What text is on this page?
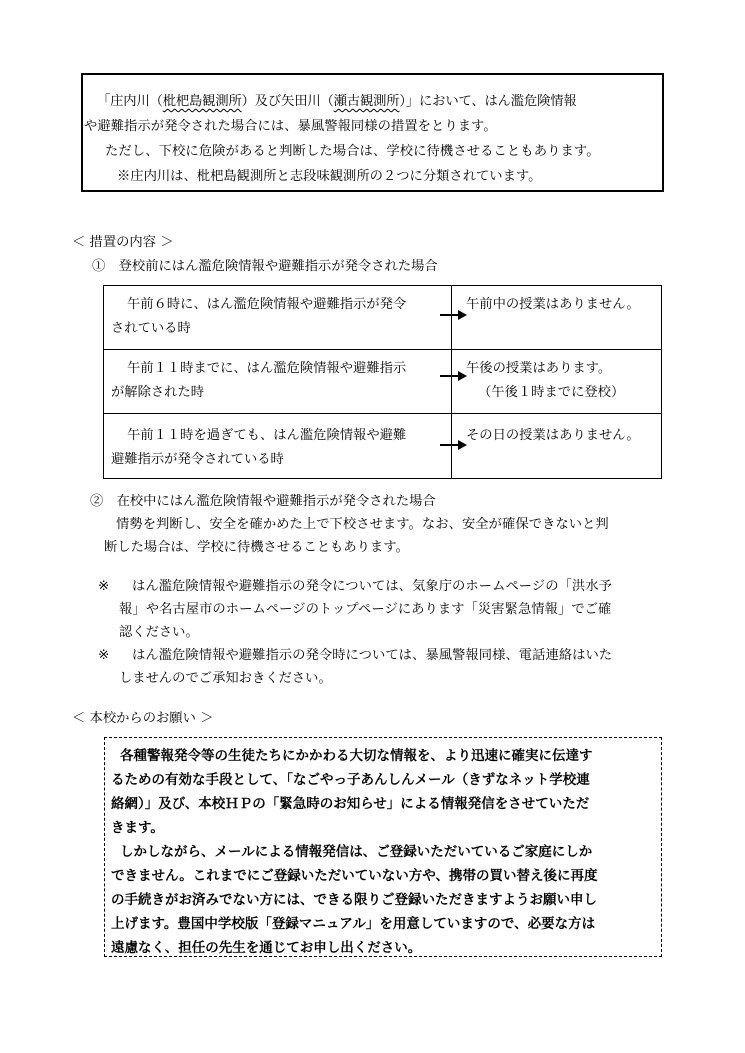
「庄内川（枇杷島観測所）及び矢田川（瀬古観測所）」において、はん濫危険情報
や避難指示が発令された場合には、暴風警報同様の措置をとります。
ただし、下校に危険があると判断した場合は、学校に待機させることもあります。
※庄内川は、枇杷島観測所と志段味観測所の２つに分類されています。
＜ 措置の内容 ＞
①　登校前にはん濫危険情報や避難指示が発令された場合
午前６時に、はん濫危険情報や避難指示が発令
されている時
午前中の授業はありません。
午前１１時までに、はん濫危険情報や避難指示
が解除された時
午後の授業はあります。
（午後１時までに登校）
午前１１時を過ぎても、はん濫危険情報や避難
避難指示が発令されている時
その日の授業はありません。
②　在校中にはん濫危険情報や避難指示が発令された場合
情勢を判断し、安全を確かめた上で下校させます。なお、安全が確保できないと判
断した場合は、学校に待機させることもあります。
※ はん濫危険情報や避難指示の発令については、気象庁のホームページの「洪水予
報」や名古屋市のホームページのトップページにあります「災害緊急情報」でご確
認ください。
※ はん濫危険情報や避難指示の発令時については、暴風警報同様、電話連絡はいた
しませんのでご承知おきください。
＜ 本校からのお願い ＞
各種警報発令等の生徒たちにかかわる大切な情報を、より迅速に確実に伝達す
るための有効な手段として、「なごやっ子あんしんメール（きずなネット学校連
絡網）」及び、本校ＨＰの「緊急時のお知らせ」による情報発信をさせていただ
きます。
しかしながら、メールによる情報発信は、ご登録いただいているご家庭にしか
できません。これまでにご登録いただいていない方や、携帯の買い替え後に再度
の手続きがお済みでない方には、できる限りご登録いただきますようお願い申し
上げます。豊国中学校版「登録マニュアル」を用意していますので、必要な方は
遠慮なく、担任の先生を通じてお申し出ください。
